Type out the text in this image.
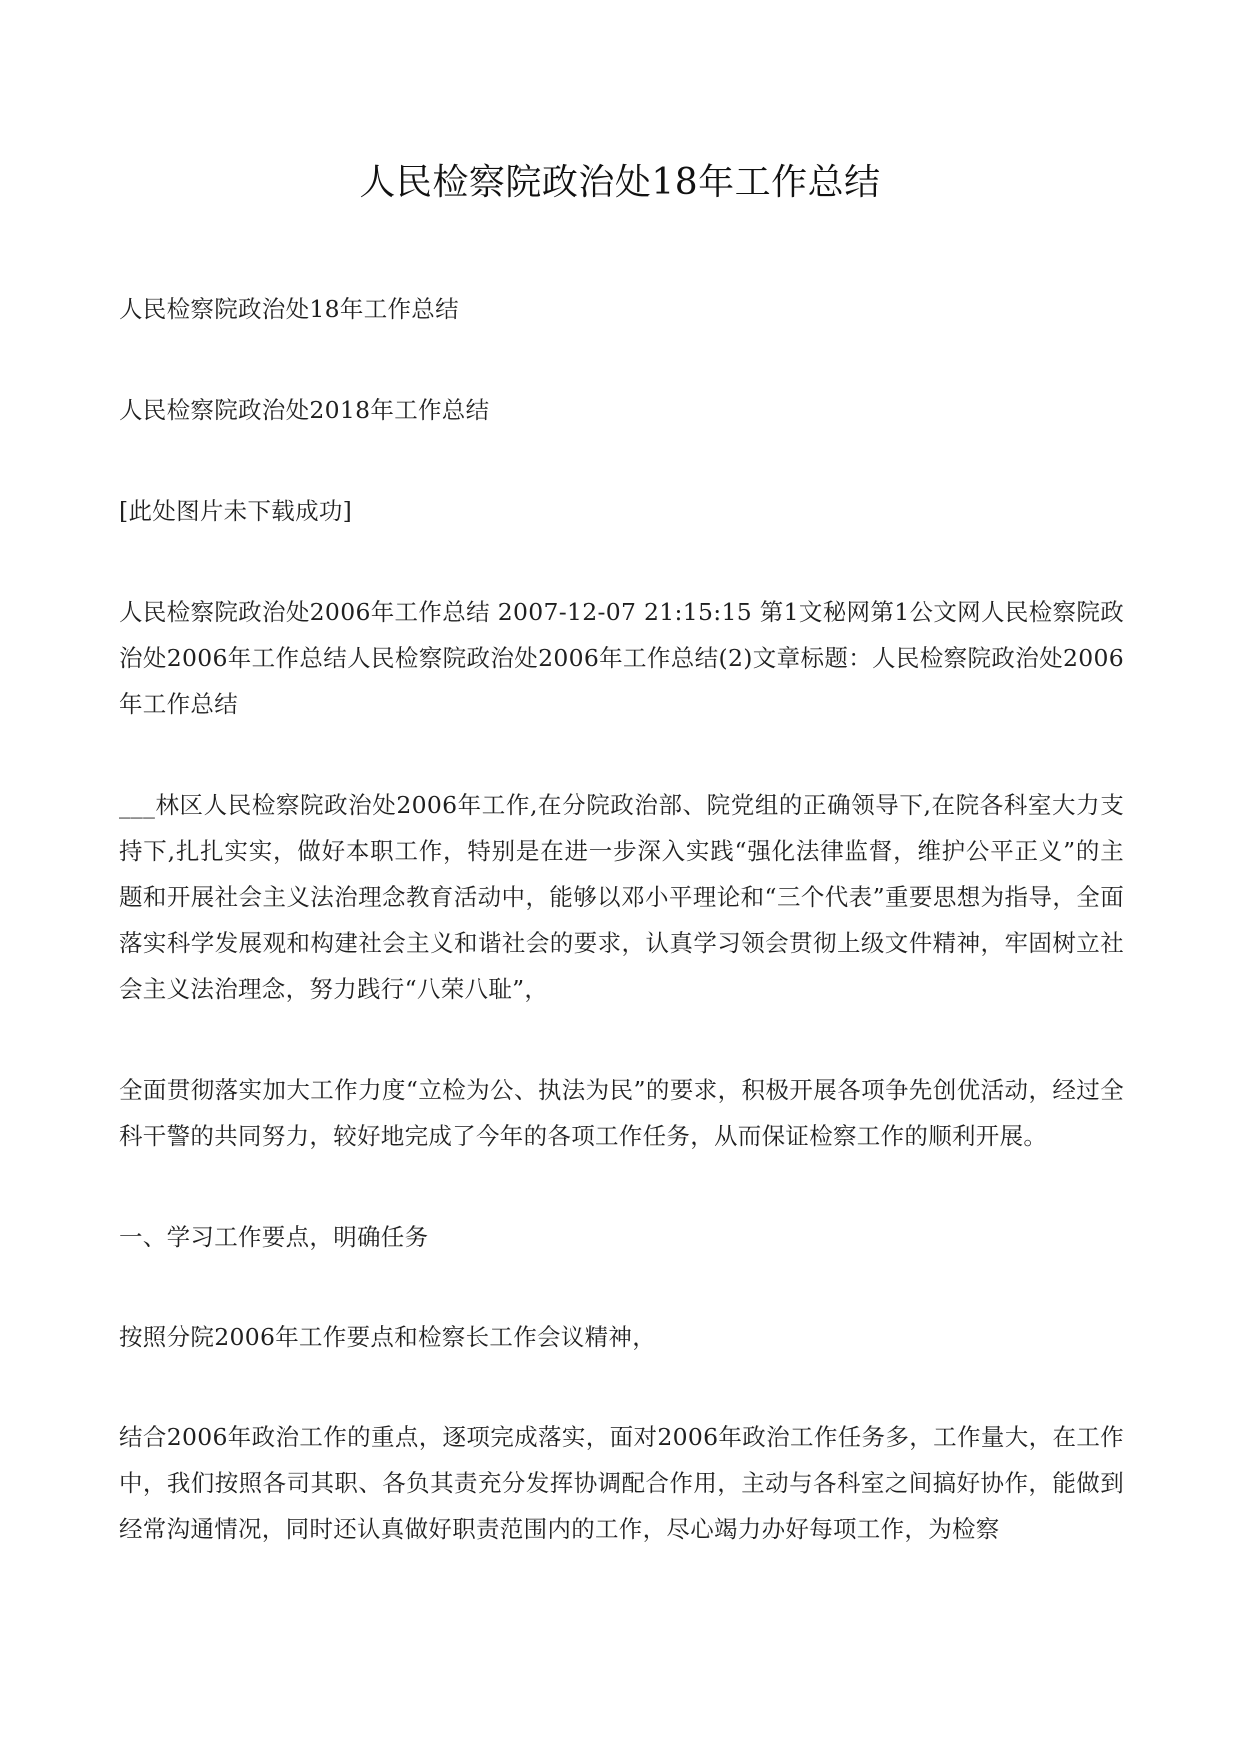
人民检察院政治处18年工作总结

人民检察院政治处18年工作总结

人民检察院政治处2018年工作总结

[此处图片未下载成功]

人民检察院政治处2006年工作总结 2007-12-07 21:15:15 第1文秘网第1公文网人民检察院政治处2006年工作总结人民检察院政治处2006年工作总结(2)文章标题：人民检察院政治处2006年工作总结

___林区人民检察院政治处2006年工作,在分院政治部、院党组的正确领导下,在院各科室大力支持下,扎扎实实，做好本职工作，特别是在进一步深入实践“强化法律监督，维护公平正义”的主题和开展社会主义法治理念教育活动中，能够以邓小平理论和“三个代表”重要思想为指导，全面落实科学发展观和构建社会主义和谐社会的要求，认真学习领会贯彻上级文件精神，牢固树立社会主义法治理念，努力践行“八荣八耻”，

全面贯彻落实加大工作力度“立检为公、执法为民”的要求，积极开展各项争先创优活动，经过全科干警的共同努力，较好地完成了今年的各项工作任务，从而保证检察工作的顺利开展。

一、学习工作要点，明确任务

按照分院2006年工作要点和检察长工作会议精神，

结合2006年政治工作的重点，逐项完成落实，面对2006年政治工作任务多，工作量大，在工作中，我们按照各司其职、各负其责充分发挥协调配合作用，主动与各科室之间搞好协作，能做到经常沟通情况，同时还认真做好职责范围内的工作，尽心竭力办好每项工作，为检察
